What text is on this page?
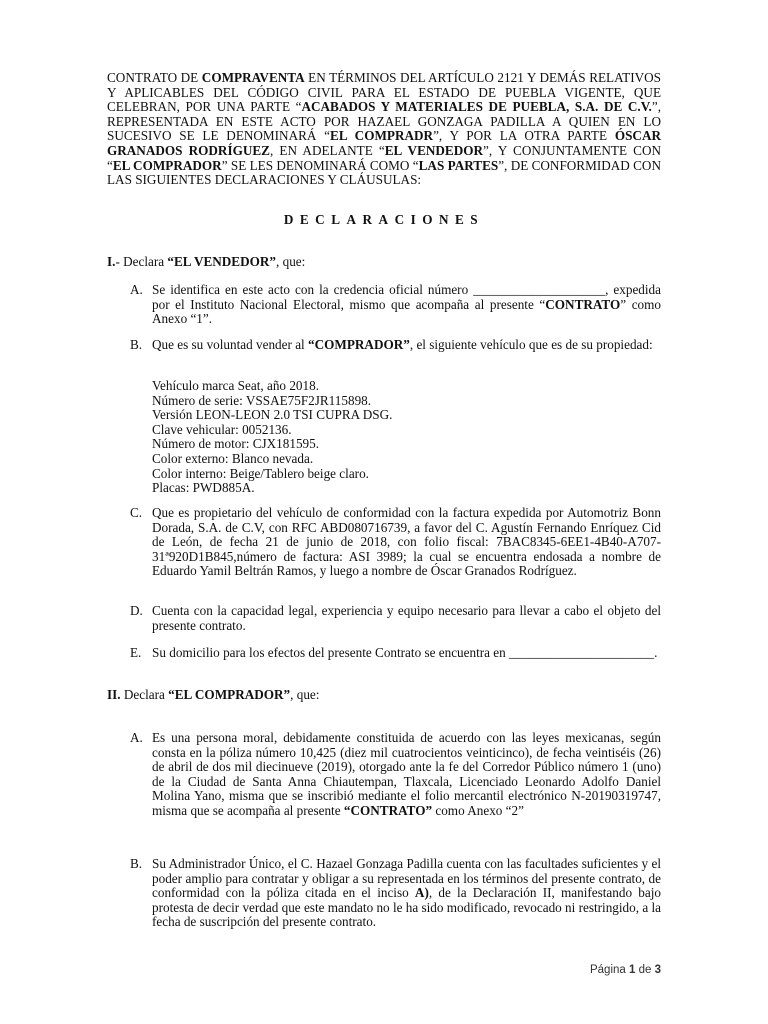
CONTRATO DE COMPRAVENTA EN TÉRMINOS DEL ARTÍCULO 2121 Y DEMÁS RELATIVOS Y APLICABLES DEL CÓDIGO CIVIL PARA EL ESTADO DE PUEBLA VIGENTE, QUE CELEBRAN, POR UNA PARTE “ACABADOS Y MATERIALES DE PUEBLA, S.A. DE C.V.”, REPRESENTADA EN ESTE ACTO POR HAZAEL GONZAGA PADILLA A QUIEN EN LO SUCESIVO SE LE DENOMINARÁ “EL COMPRADR”, Y POR LA OTRA PARTE ÓSCAR GRANADOS RODRÍGUEZ, EN ADELANTE “EL VENDEDOR”, Y CONJUNTAMENTE CON “EL COMPRADOR” SE LES DENOMINARÁ COMO “LAS PARTES”, DE CONFORMIDAD CON LAS SIGUIENTES DECLARACIONES Y CLÁUSULAS:
DECLARACIONES
I.- Declara “EL VENDEDOR”, que:
A. Se identifica en este acto con la credencia oficial número ____________________, expedida por el Instituto Nacional Electoral, mismo que acompaña al presente “CONTRATO” como Anexo “1”.
B. Que es su voluntad vender al “COMPRADOR”, el siguiente vehículo que es de su propiedad:
Vehículo marca Seat, año 2018.
Número de serie: VSSAE75F2JR115898.
Versión LEON-LEON 2.0 TSI CUPRA DSG.
Clave vehicular: 0052136.
Número de motor: CJX181595.
Color externo: Blanco nevada.
Color interno: Beige/Tablero beige claro.
Placas: PWD885A.
C. Que es propietario del vehículo de conformidad con la factura expedida por Automotriz Bonn Dorada, S.A. de C.V, con RFC ABD080716739, a favor del C. Agustín Fernando Enríquez Cid de León, de fecha 21 de junio de 2018, con folio fiscal: 7BAC8345-6EE1-4B40-A707-31ª920D1B845,número de factura: ASI 3989; la cual se encuentra endosada a nombre de Eduardo Yamil Beltrán Ramos, y luego a nombre de Óscar Granados Rodríguez.
D. Cuenta con la capacidad legal, experiencia y equipo necesario para llevar a cabo el objeto del presente contrato.
E. Su domicilio para los efectos del presente Contrato se encuentra en ______________________.
II. Declara “EL COMPRADOR”, que:
A. Es una persona moral, debidamente constituida de acuerdo con las leyes mexicanas, según consta en la póliza número 10,425 (diez mil cuatrocientos veinticinco), de fecha veintiséis (26) de abril de dos mil diecinueve (2019), otorgado ante la fe del Corredor Público número 1 (uno) de la Ciudad de Santa Anna Chiautempan, Tlaxcala, Licenciado Leonardo Adolfo Daniel Molina Yano, misma que se inscribió mediante el folio mercantil electrónico N-20190319747, misma que se acompaña al presente “CONTRATO” como Anexo “2”
B. Su Administrador Único, el C. Hazael Gonzaga Padilla cuenta con las facultades suficientes y el poder amplio para contratar y obligar a su representada en los términos del presente contrato, de conformidad con la póliza citada en el inciso A), de la Declaración II, manifestando bajo protesta de decir verdad que este mandato no le ha sido modificado, revocado ni restringido, a la fecha de suscripción del presente contrato.
Página 1 de 3
